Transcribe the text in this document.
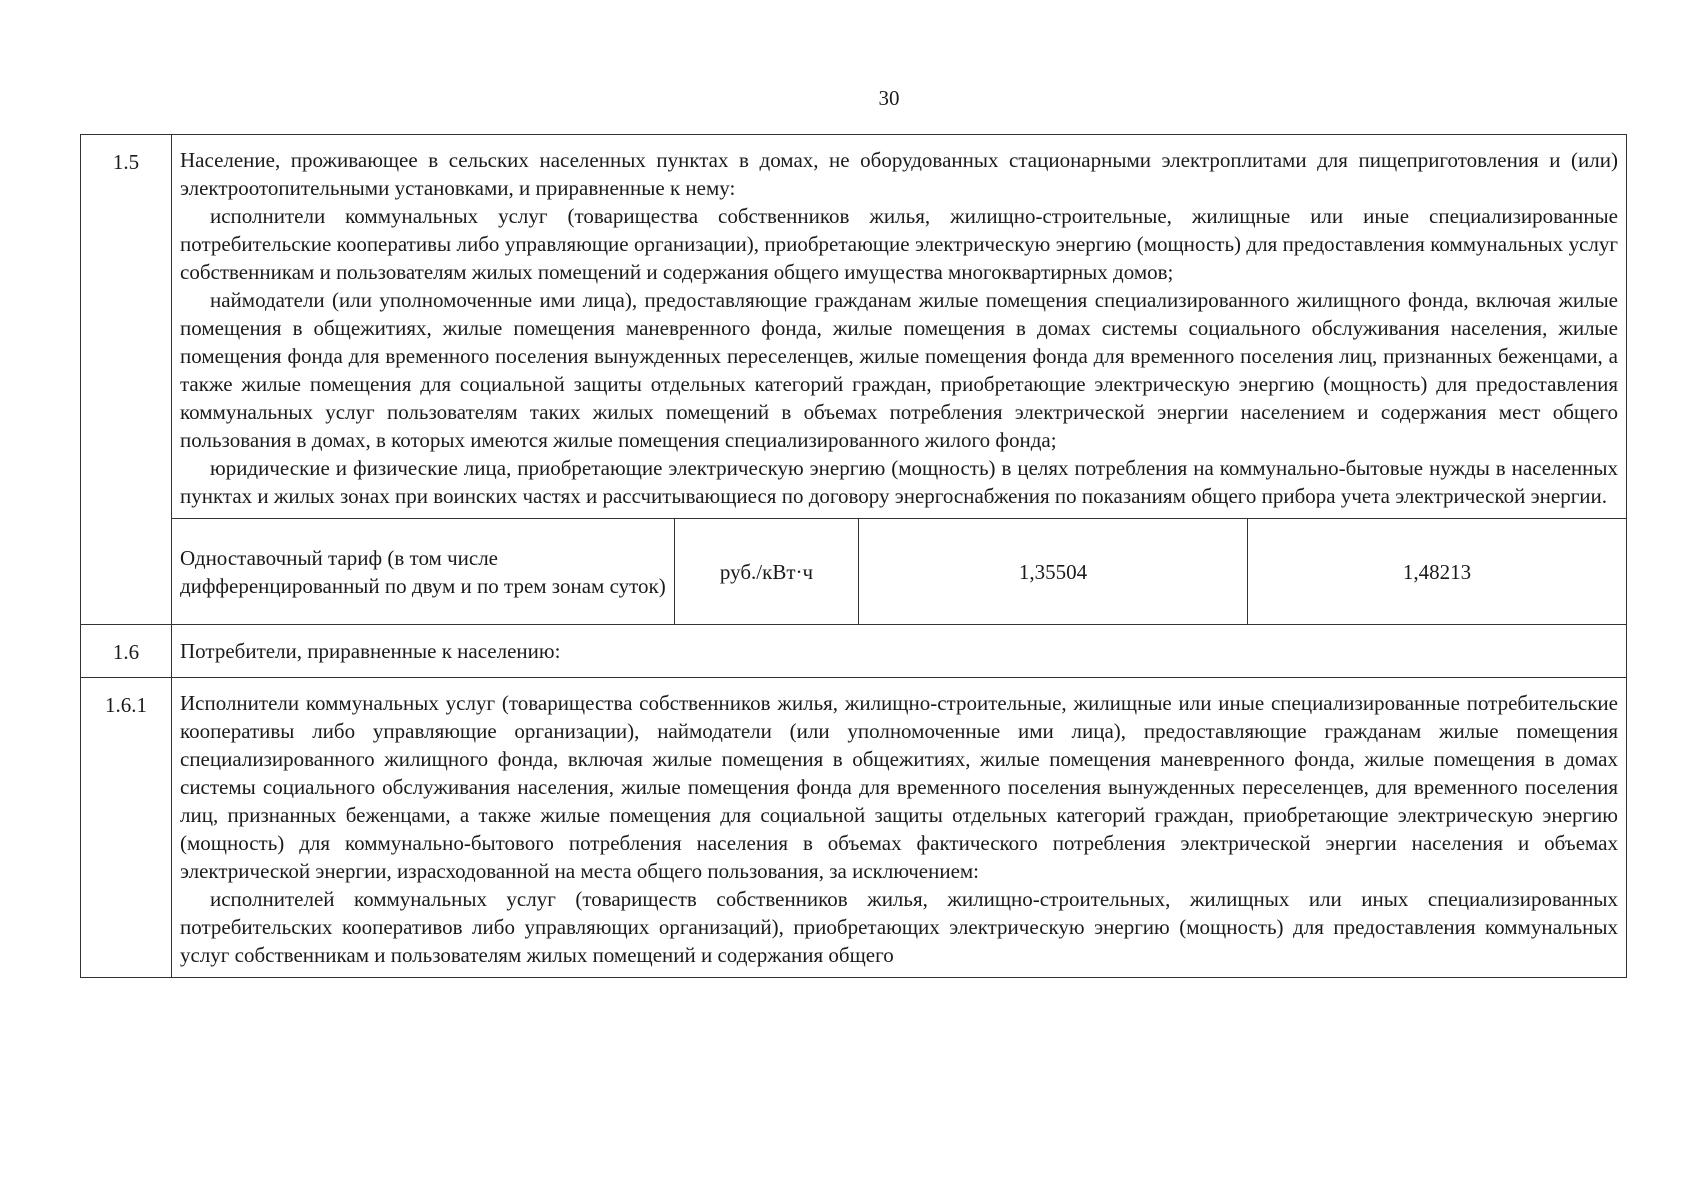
30
1.5	Население, проживающее в сельских населенных пунктах в домах, не оборудованных стационарными электроплитами для пищеприготовления и (или) электроотопительными установками, и приравненные к нему:

исполнители коммунальных услуг (товарищества собственников жилья, жилищно-строительные, жилищные или иные специализированные потребительские кооперативы либо управляющие организации), приобретающие электрическую энергию (мощность) для предоставления коммунальных услуг собственникам и пользователям жилых помещений и содержания общего имущества многоквартирных домов;

наймодатели (или уполномоченные ими лица), предоставляющие гражданам жилые помещения специализированного жилищного фонда, включая жилые помещения в общежитиях, жилые помещения маневренного фонда, жилые помещения в домах системы социального обслуживания населения, жилые помещения фонда для временного поселения вынужденных переселенцев, жилые помещения фонда для временного поселения лиц, признанных беженцами, а также жилые помещения для социальной защиты отдельных категорий граждан, приобретающие электрическую энергию (мощность) для предоставления коммунальных услуг пользователям таких жилых помещений в объемах потребления электрической энергии населением и содержания мест общего пользования в домах, в которых имеются жилые помещения специализированного жилого фонда;

юридические и физические лица, приобретающие электрическую энергию (мощность) в целях потребления на коммунально-бытовые нужды в населенных пунктах и жилых зонах при воинских частях и рассчитывающиеся по договору энергоснабжения по показаниям общего прибора учета электрической энергии.

Одноставочный тариф (в том числе дифференцированный по двум и по трем зонам суток)	руб./кВт·ч	1,35504	1,48213

1.6	Потребители, приравненные к населению:

1.6.1	Исполнители коммунальных услуг (товарищества собственников жилья, жилищно-строительные, жилищные или иные специализированные потребительские кооперативы либо управляющие организации), наймодатели (или уполномоченные ими лица), предоставляющие гражданам жилые помещения специализированного жилищного фонда, включая жилые помещения в общежитиях, жилые помещения маневренного фонда, жилые помещения в домах системы социального обслуживания населения, жилые помещения фонда для временного поселения вынужденных переселенцев, для временного поселения лиц, признанных беженцами, а также жилые помещения для социальной защиты отдельных категорий граждан, приобретающие электрическую энергию (мощность) для коммунально-бытового потребления населения в объемах фактического потребления электрической энергии населения и объемах электрической энергии, израсходованной на места общего пользования, за исключением:

исполнителей коммунальных услуг (товариществ собственников жилья, жилищно-строительных, жилищных или иных специализированных потребительских кооперативов либо управляющих организаций), приобретающих электрическую энергию (мощность) для предоставления коммунальных услуг собственникам и пользователям жилых помещений и содержания общего
